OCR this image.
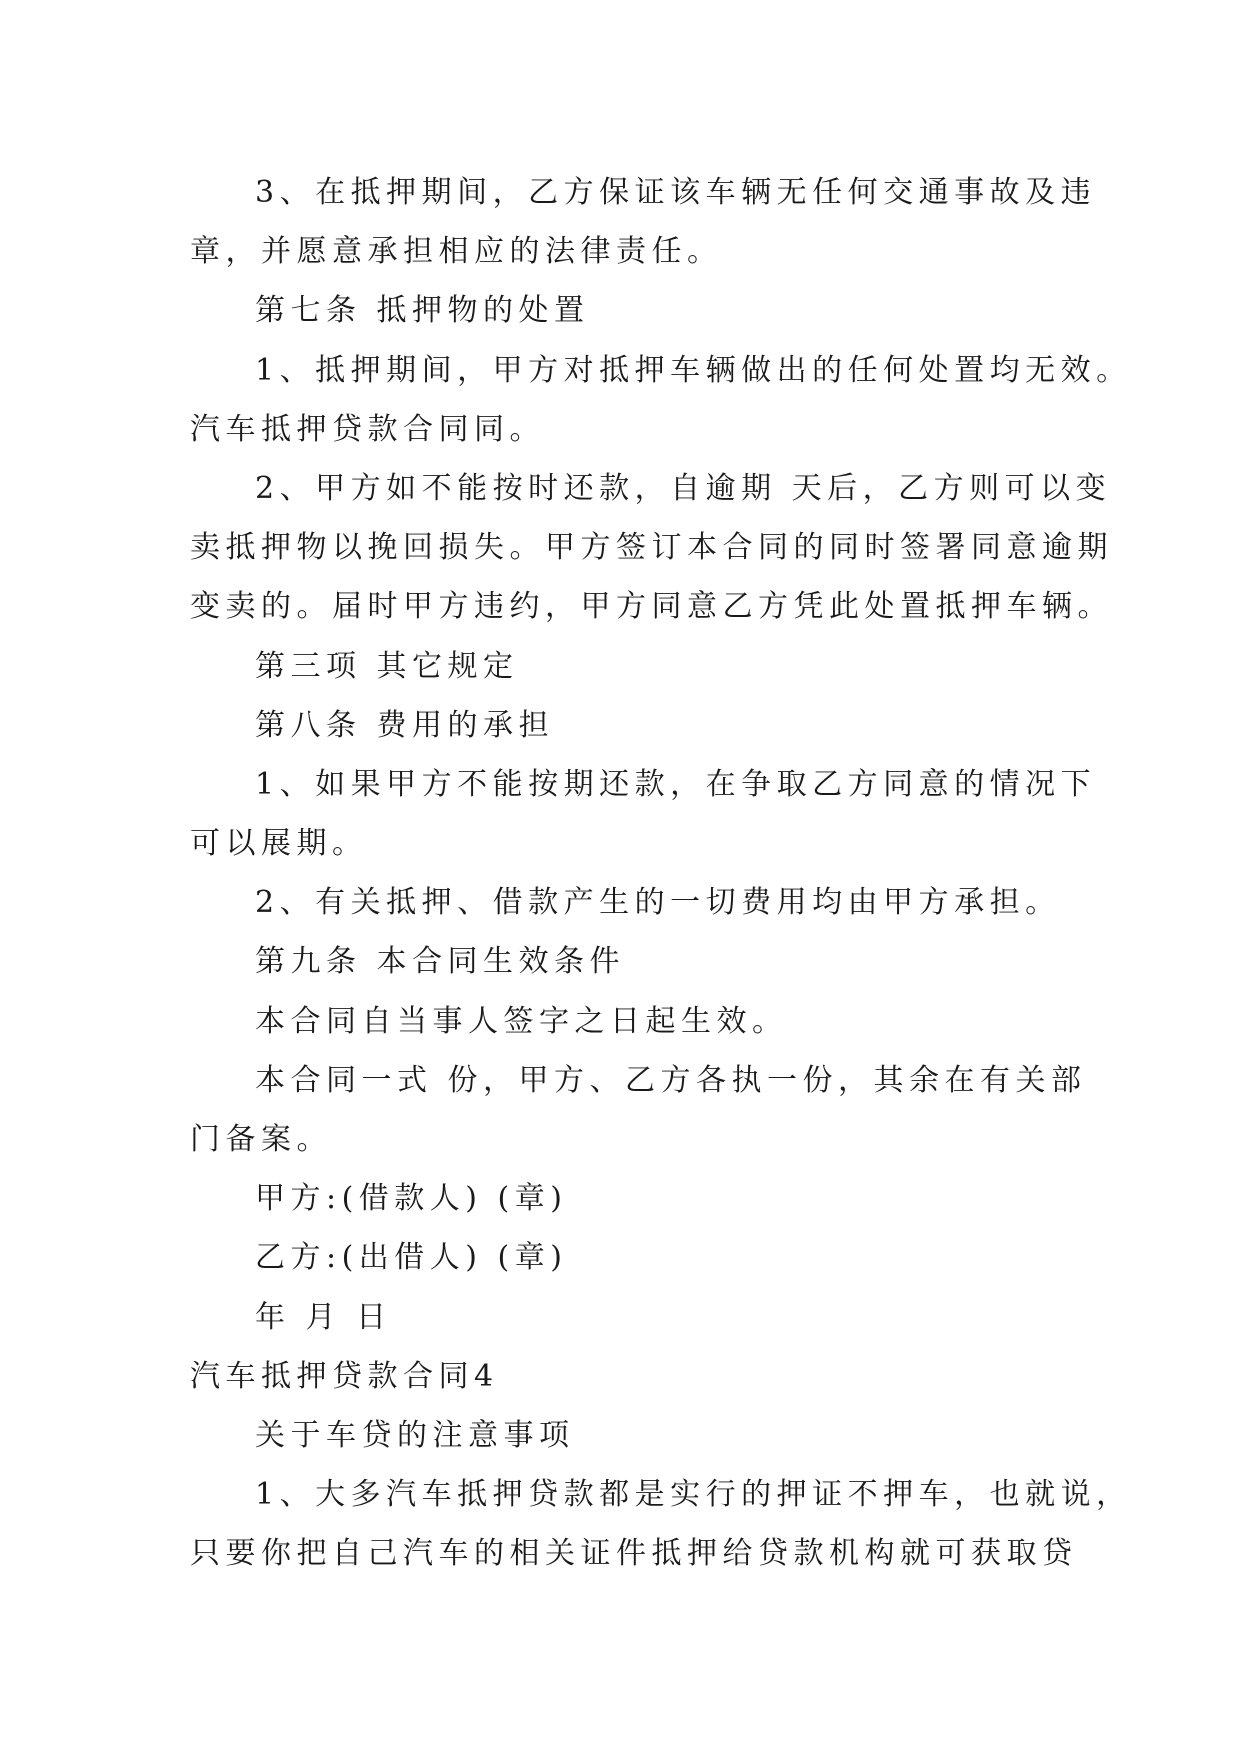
3、在抵押期间，乙方保证该车辆无任何交通事故及违
章，并愿意承担相应的法律责任。
第七条 抵押物的处置
1、抵押期间，甲方对抵押车辆做出的任何处置均无效。
汽车抵押贷款合同同。
2、甲方如不能按时还款，自逾期 天后，乙方则可以变
卖抵押物以挽回损失。甲方签订本合同的同时签署同意逾期
变卖的。届时甲方违约，甲方同意乙方凭此处置抵押车辆。
第三项 其它规定
第八条 费用的承担
1、如果甲方不能按期还款，在争取乙方同意的情况下
可以展期。
2、有关抵押、借款产生的一切费用均由甲方承担。
第九条 本合同生效条件
本合同自当事人签字之日起生效。
本合同一式 份，甲方、乙方各执一份，其余在有关部
门备案。
甲方:(借款人) (章)
乙方:(出借人) (章)
年 月 日
汽车抵押贷款合同4
关于车贷的注意事项
1、大多汽车抵押贷款都是实行的押证不押车，也就说，
只要你把自己汽车的相关证件抵押给贷款机构就可获取贷
